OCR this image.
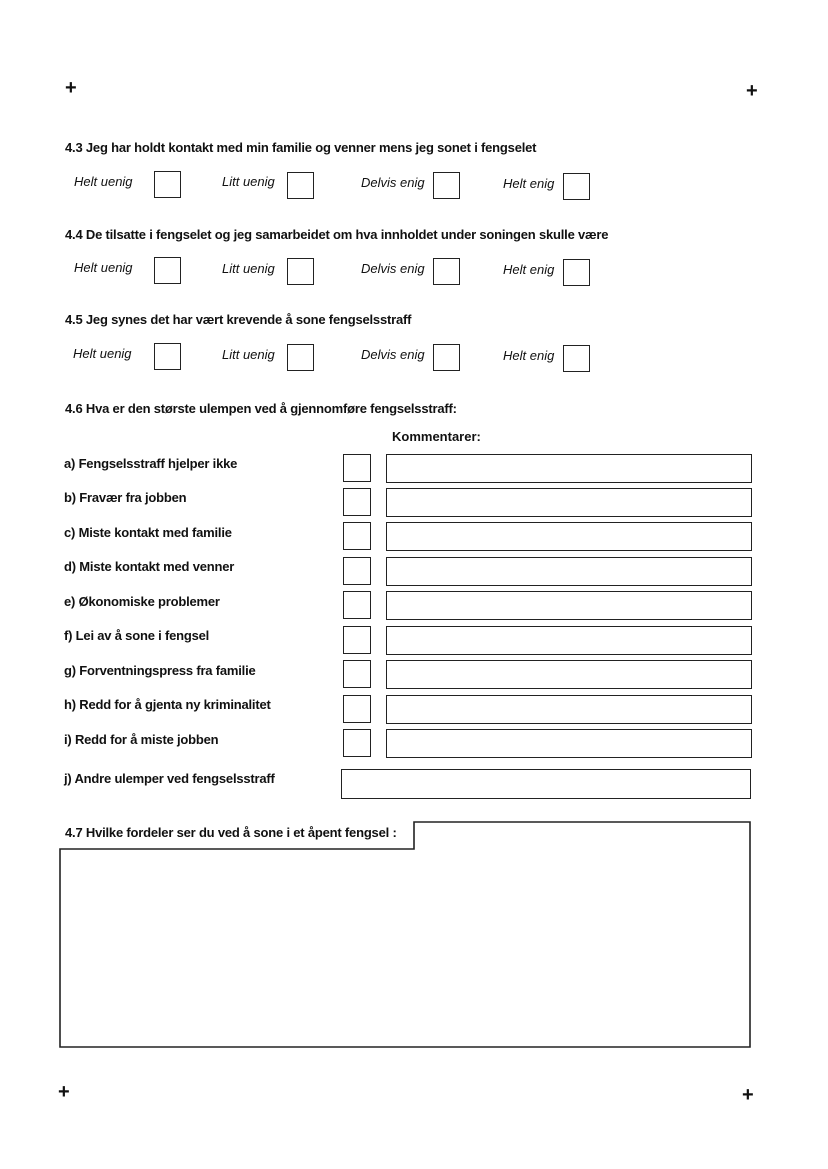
+	+
+	+
4.3 Jeg har holdt kontakt med min familie og venner mens jeg sonet i fengselet
Helt uenig	Litt uenig	Delvis enig	Helt enig
4.4 De tilsatte i fengselet og jeg samarbeidet om hva innholdet under soningen skulle være
Helt uenig	Litt uenig	Delvis enig	Helt enig
4.5 Jeg synes det har vært krevende å sone fengselsstraff
Helt uenig	Litt uenig	Delvis enig	Helt enig
4.6 Hva er den største ulempen ved å gjennomføre fengselsstraff:
Kommentarer:
a) Fengselsstraff hjelper ikke
b) Fravær fra jobben
c) Miste kontakt med familie
d) Miste kontakt med venner
e) Økonomiske problemer
f) Lei av å sone i fengsel
g) Forventningspress fra familie
h) Redd for å gjenta ny kriminalitet
i) Redd for å miste jobben
j) Andre ulemper ved fengselsstraff
4.7 Hvilke fordeler ser du ved å sone i et åpent fengsel :
